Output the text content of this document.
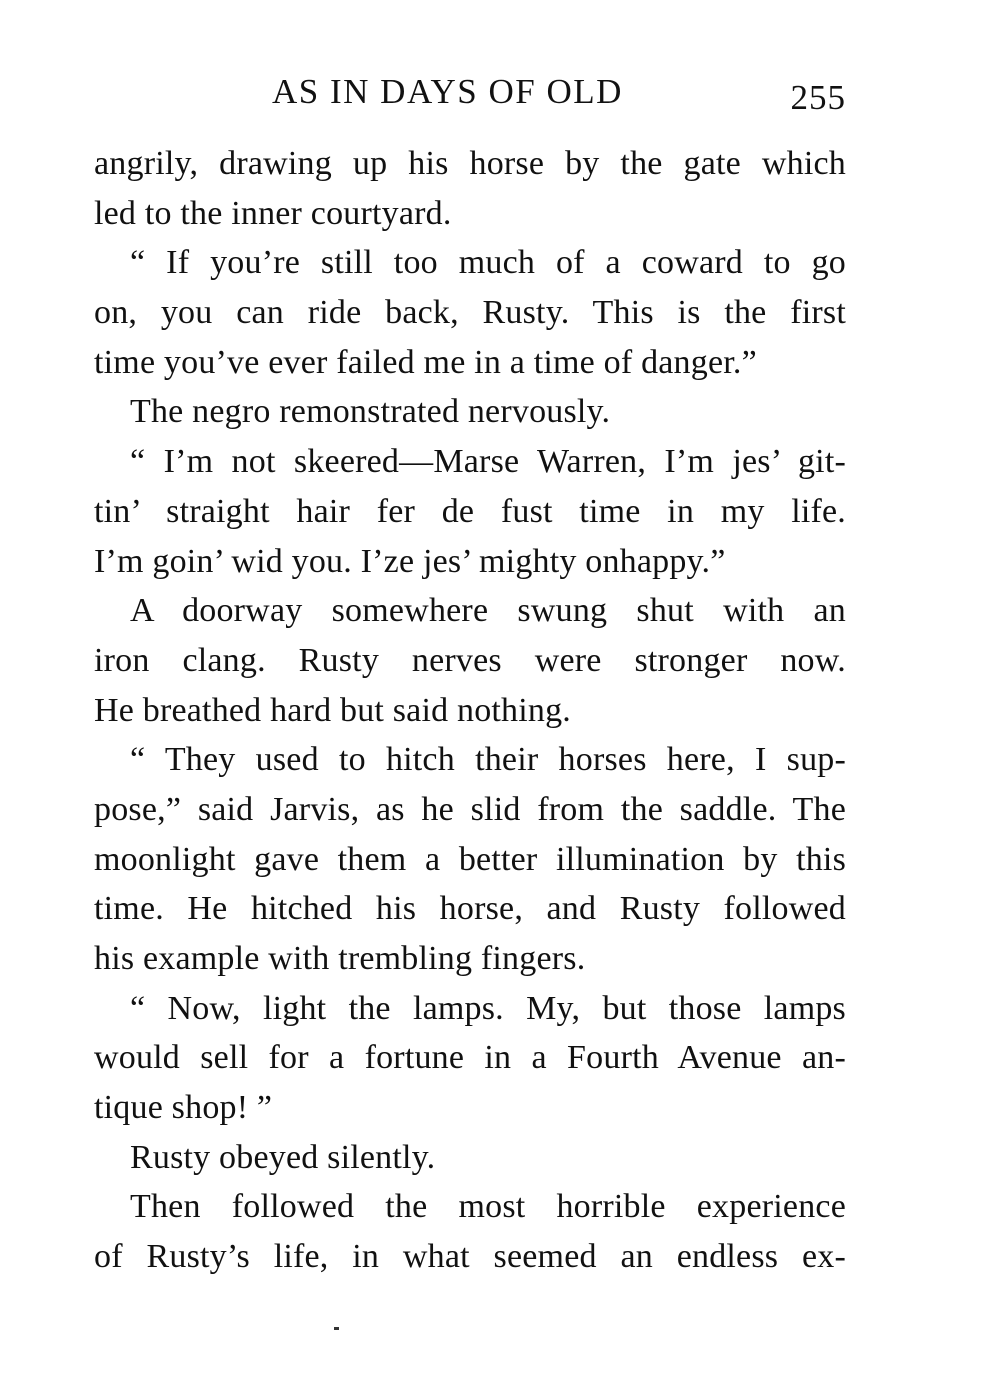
AS IN DAYS OF OLD	255
angrily, drawing up his horse by the gate which
led to the inner courtyard.
“ If you’re still too much of a coward to go
on, you can ride back, Rusty. This is the first
time you’ve ever failed me in a time of danger.”
The negro remonstrated nervously.
“ I’m not skeered—Marse Warren, I’m jes’ git-
tin’ straight hair fer de fust time in my life.
I’m goin’ wid you. I’ze jes’ mighty onhappy.”
A doorway somewhere swung shut with an
iron clang. Rusty nerves were stronger now.
He breathed hard but said nothing.
“ They used to hitch their horses here, I sup-
pose,” said Jarvis, as he slid from the saddle. The
moonlight gave them a better illumination by this
time. He hitched his horse, and Rusty followed
his example with trembling fingers.
“ Now, light the lamps. My, but those lamps
would sell for a fortune in a Fourth Avenue an-
tique shop! ”
Rusty obeyed silently.
Then followed the most horrible experience
of Rusty’s life, in what seemed an endless ex-
